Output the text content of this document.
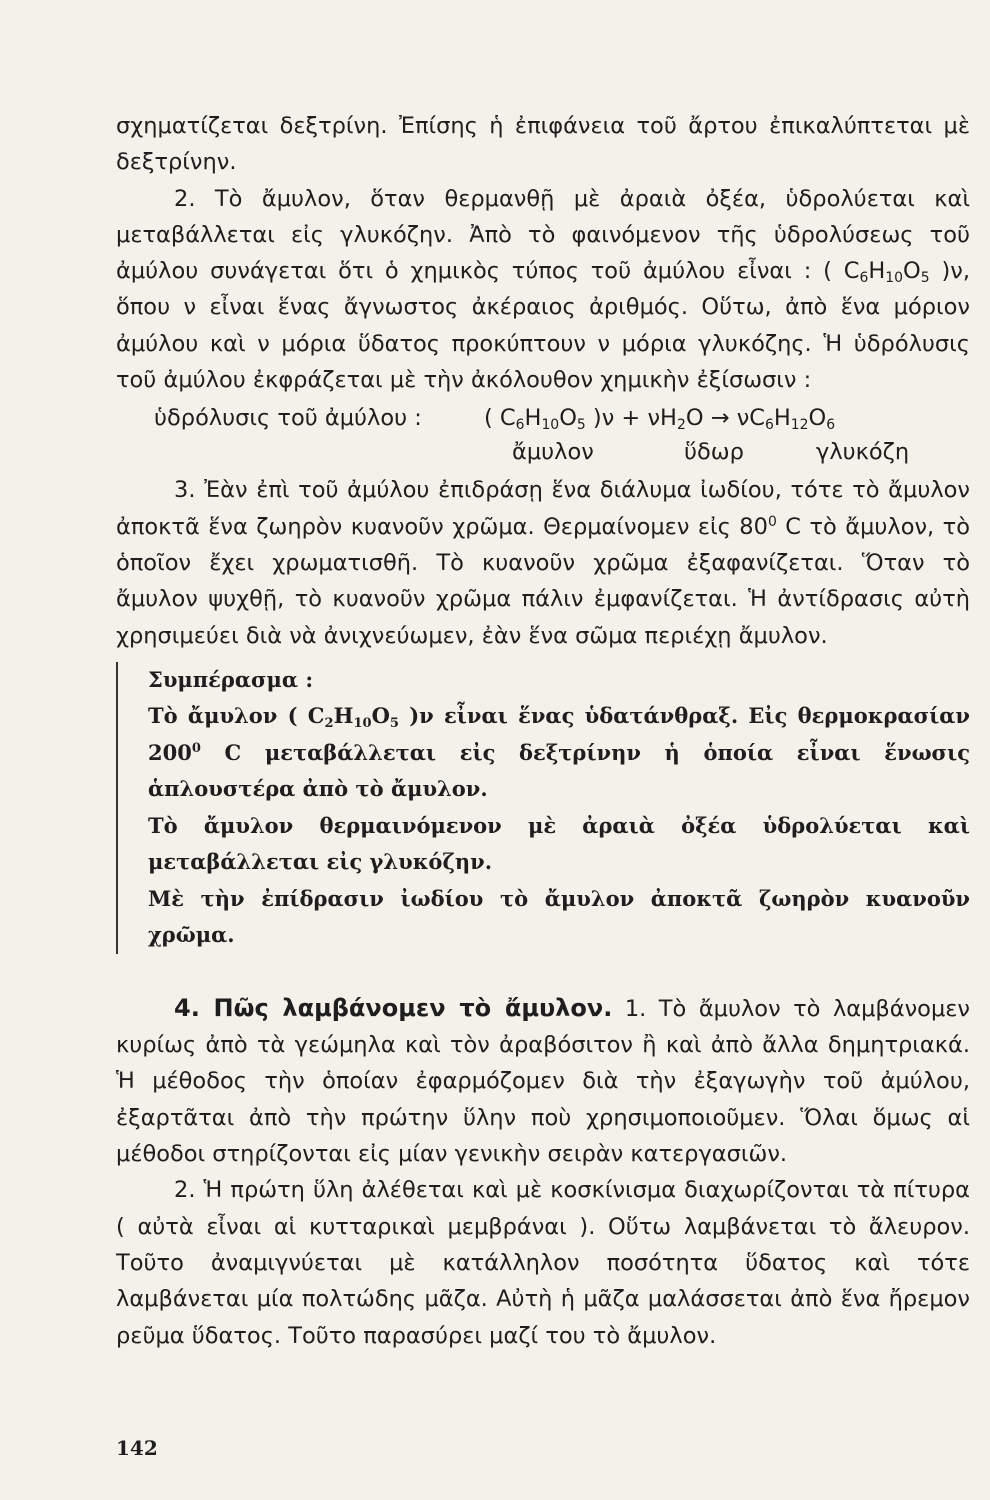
σχηματίζεται δεξτρίνη. Ἐπίσης ἡ ἐπιφάνεια τοῦ ἄρτου ἐπικαλύπτεται μὲ δεξτρίνην.

2. Τὸ ἄμυλον, ὅταν θερμανθῇ μὲ ἀραιὰ ὀξέα, ὑδρολύεται καὶ μεταβάλλεται εἰς γλυκόζην. Ἀπὸ τὸ φαινόμενον τῆς ὑδρολύσεως τοῦ ἀμύλου συνάγεται ὅτι ὁ χημικὸς τύπος τοῦ ἀμύλου εἶναι : ( $C_6H_{10}O_5$ )ν, ὅπου ν εἶναι ἕνας ἄγνωστος ἀκέραιος ἀριθμός. Οὕτω, ἀπὸ ἕνα μόριον ἀμύλου καὶ ν μόρια ὕδατος προκύπτουν ν μόρια γλυκόζης. Ἡ ὑδρόλυσις τοῦ ἀμύλου ἐκφράζεται μὲ τὴν ἀκόλουθον χημικὴν ἐξίσωσιν :

ὑδρόλυσις τοῦ ἀμύλου :	( $C_6H_{10}O_5$ )$\nu + \nu H_2O \to \nu C_6H_{12}O_6$
ἄμυλον	ὕδωρ	γλυκόζη

3. Ἐὰν ἐπὶ τοῦ ἀμύλου ἐπιδράσῃ ἕνα διάλυμα ἰωδίου, τότε τὸ ἄμυλον ἀποκτᾶ ἕνα ζωηρὸν κυανοῦν χρῶμα. Θερμαίνομεν εἰς $80^0$ C τὸ ἄμυλον, τὸ ὁποῖον ἔχει χρωματισθῆ. Τὸ κυανοῦν χρῶμα ἐξαφανίζεται. Ὅταν τὸ ἄμυλον ψυχθῇ, τὸ κυανοῦν χρῶμα πάλιν ἐμφανίζεται. Ἡ ἀντίδρασις αὐτὴ χρησιμεύει διὰ νὰ ἀνιχνεύωμεν, ἐὰν ἕνα σῶμα περιέχῃ ἄμυλον.

Συμπέρασμα :

Τὸ ἄμυλον ( $C_2H_{10}O_5$ )ν εἶναι ἕνας ὑδατάνθραξ. Εἰς θερμοκρασίαν $200^0$ C μεταβάλλεται εἰς δεξτρίνην ἡ ὁποία εἶναι ἕνωσις ἁπλουστέρα ἀπὸ τὸ ἄμυλον.

Τὸ ἄμυλον θερμαινόμενον μὲ ἀραιὰ ὀξέα ὑδρολύεται καὶ μεταβάλλεται εἰς γλυκόζην.

Μὲ τὴν ἐπίδρασιν ἰωδίου τὸ ἄμυλον ἀποκτᾶ ζωηρὸν κυανοῦν χρῶμα.

4. Πῶς λαμβάνομεν τὸ ἄμυλον. 1. Τὸ ἄμυλον τὸ λαμβάνομεν κυρίως ἀπὸ τὰ γεώμηλα καὶ τὸν ἀραβόσιτον ἢ καὶ ἀπὸ ἄλλα δημητριακά. Ἡ μέθοδος τὴν ὁποίαν ἐφαρμόζομεν διὰ τὴν ἐξαγωγὴν τοῦ ἀμύλου, ἐξαρτᾶται ἀπὸ τὴν πρώτην ὕλην ποὺ χρησιμοποιοῦμεν. Ὅλαι ὅμως αἱ μέθοδοι στηρίζονται εἰς μίαν γενικὴν σειρὰν κατεργασιῶν.

2. Ἡ πρώτη ὕλη ἀλέθεται καὶ μὲ κοσκίνισμα διαχωρίζονται τὰ πίτυρα ( αὐτὰ εἶναι αἱ κυτταρικαὶ μεμβράναι ). Οὕτω λαμβάνεται τὸ ἄλευρον. Τοῦτο ἀναμιγνύεται μὲ κατάλληλον ποσότητα ὕδατος καὶ τότε λαμβάνεται μία πολτώδης μᾶζα. Αὐτὴ ἡ μᾶζα μαλάσσεται ἀπὸ ἕνα ἤρεμον ρεῦμα ὕδατος. Τοῦτο παρασύρει μαζί του τὸ ἄμυλον.

142
